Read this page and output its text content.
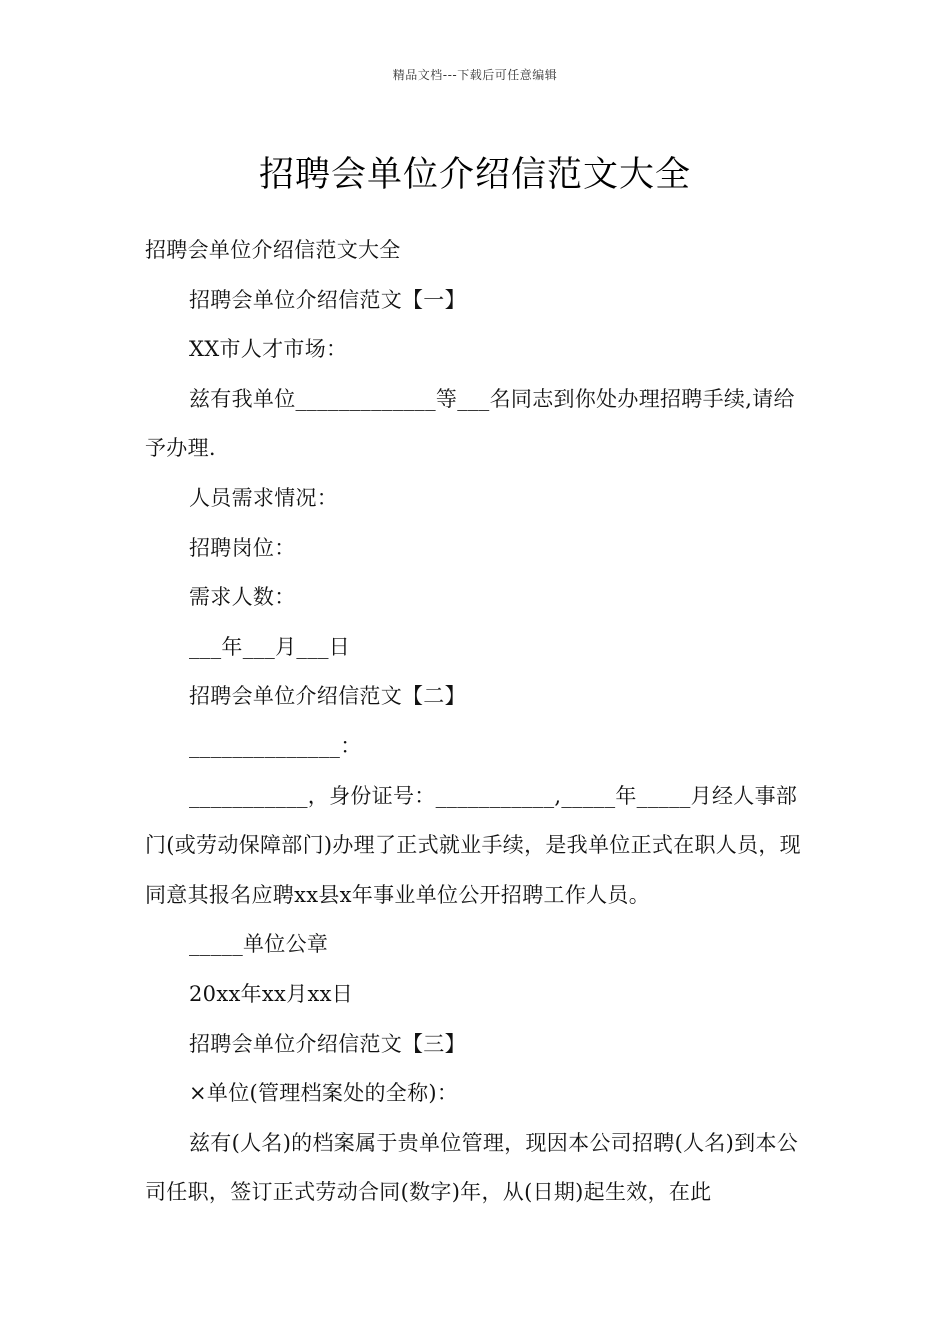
精品文档---下载后可任意编辑
招聘会单位介绍信范文大全

招聘会单位介绍信范文大全

招聘会单位介绍信范文【一】

XX市人才市场：

兹有我单位_____________等___名同志到你处办理招聘手续,请给予办理.

人员需求情况：

招聘岗位：

需求人数：

___年___月___日

招聘会单位介绍信范文【二】

______________：

___________，身份证号：___________,_____年_____月经人事部门(或劳动保障部门)办理了正式就业手续，是我单位正式在职人员，现同意其报名应聘xx县x年事业单位公开招聘工作人员。

_____单位公章

20xx年xx月xx日

招聘会单位介绍信范文【三】

×单位(管理档案处的全称)：

兹有(人名)的档案属于贵单位管理，现因本公司招聘(人名)到本公司任职，签订正式劳动合同(数字)年，从(日期)起生效，在此
